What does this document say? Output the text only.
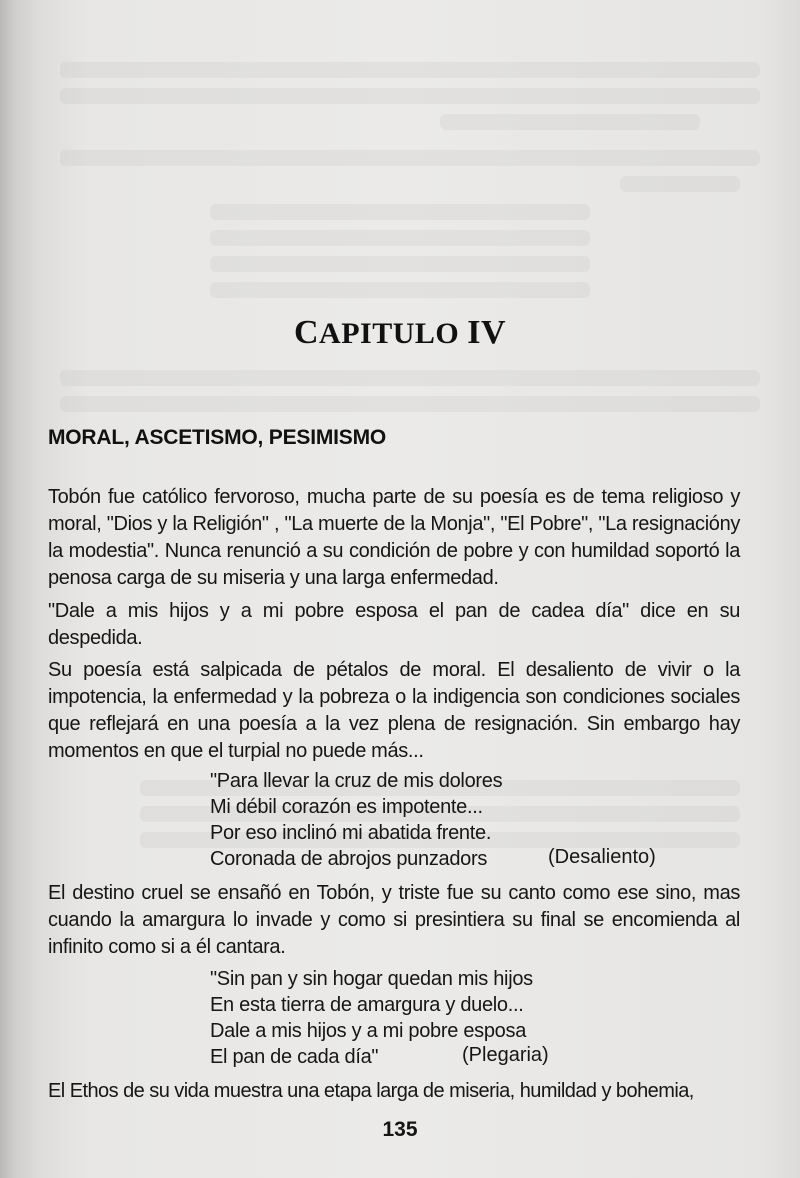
CAPITULO IV
MORAL, ASCETISMO, PESIMISMO

Tobón fue católico fervoroso, mucha parte de su poesía es de tema religioso y moral, "Dios y la Religión" , "La muerte de la Monja", "El Pobre", "La resignacióny la modestia". Nunca renunció a su condición de pobre y con humildad soportó la penosa carga de su miseria y una larga enfermedad.

"Dale a mis hijos y a mi pobre esposa el pan de cadea día" dice en su despedida.

Su poesía está salpicada de pétalos de moral. El desaliento de vivir o la impotencia, la enfermedad y la pobreza o la indigencia son condiciones sociales que reflejará en una poesía a la vez plena de resignación. Sin embargo hay momentos en que el turpial no puede más...

"Para llevar la cruz de mis dolores
Mi débil corazón es impotente...
Por eso inclinó mi abatida frente.
Coronada de abrojos punzadors	(Desaliento)

El destino cruel se ensañó en Tobón, y triste fue su canto como ese sino, mas cuando la amargura lo invade y como si presintiera su final se encomienda al infinito como si a él cantara.

"Sin pan y sin hogar quedan mis hijos
En esta tierra de amargura y duelo...
Dale a mis hijos y a mi pobre esposa
El pan de cada día"	(Plegaria)

El Ethos de su vida muestra una etapa larga de miseria, humildad y bohemia,

135
